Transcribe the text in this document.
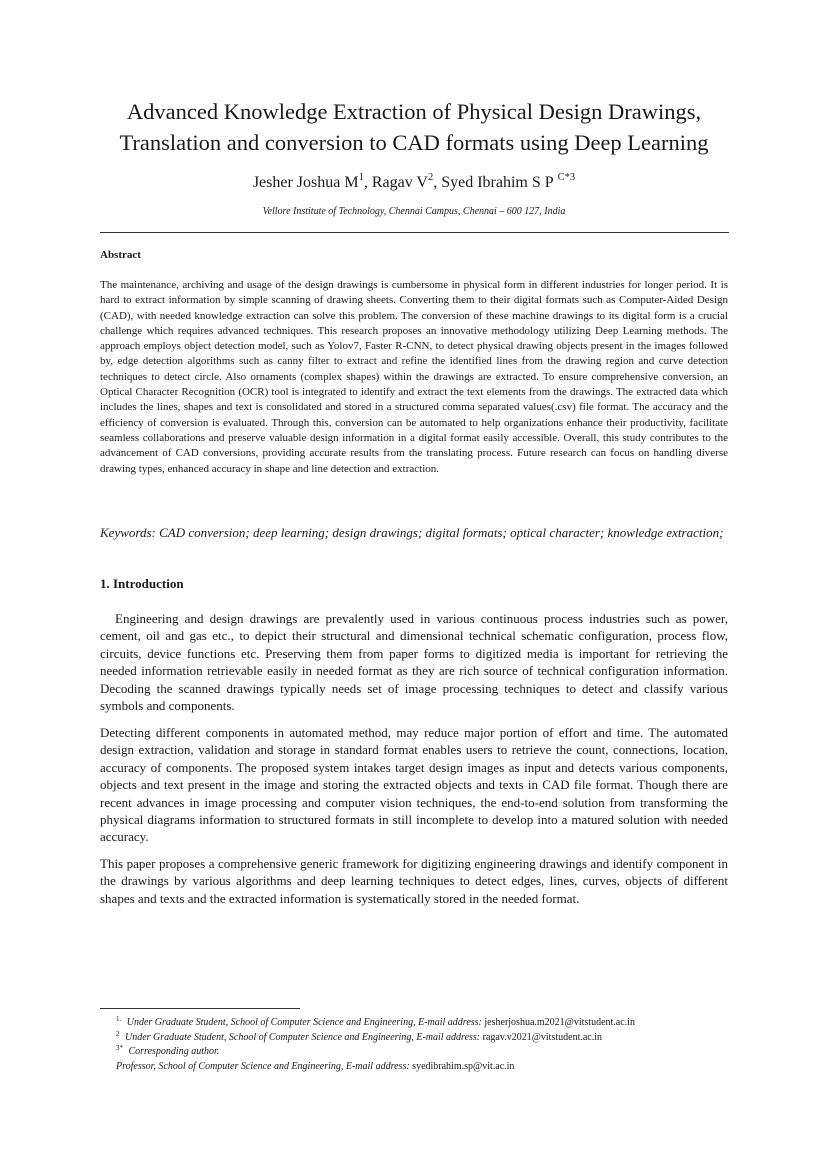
Advanced Knowledge Extraction of Physical Design Drawings,
Translation and conversion to CAD formats using Deep Learning
Jesher Joshua $M^1$, Ragav $V^2$, Syed Ibrahim S P $^{C*3}$
Vellore Institute of Technology, Chennai Campus, Chennai – 600 127, India
Abstract

The maintenance, archiving and usage of the design drawings is cumbersome in physical form in different industries for longer period. It is hard to extract information by simple scanning of drawing sheets. Converting them to their digital formats such as Computer-Aided Design (CAD), with needed knowledge extraction can solve this problem. The conversion of these machine drawings to its digital form is a crucial challenge which requires advanced techniques. This research proposes an innovative methodology utilizing Deep Learning methods. The approach employs object detection model, such as Yolov7, Faster R-CNN, to detect physical drawing objects present in the images followed by, edge detection algorithms such as canny filter to extract and refine the identified lines from the drawing region and curve detection techniques to detect circle. Also ornaments (complex shapes) within the drawings are extracted. To ensure comprehensive conversion, an Optical Character Recognition (OCR) tool is integrated to identify and extract the text elements from the drawings. The extracted data which includes the lines, shapes and text is consolidated and stored in a structured comma separated values(.csv) file format. The accuracy and the efficiency of conversion is evaluated. Through this, conversion can be automated to help organizations enhance their productivity, facilitate seamless collaborations and preserve valuable design information in a digital format easily accessible. Overall, this study contributes to the advancement of CAD conversions, providing accurate results from the translating process. Future research can focus on handling diverse drawing types, enhanced accuracy in shape and line detection and extraction.

Keywords: CAD conversion; deep learning; design drawings; digital formats; optical character; knowledge extraction;

1. Introduction

Engineering and design drawings are prevalently used in various continuous process industries such as power, cement, oil and gas etc., to depict their structural and dimensional technical schematic configuration, process flow, circuits, device functions etc. Preserving them from paper forms to digitized media is important for retrieving the needed information retrievable easily in needed format as they are rich source of technical configuration information. Decoding the scanned drawings typically needs set of image processing techniques to detect and classify various symbols and components.

Detecting different components in automated method, may reduce major portion of effort and time. The automated design extraction, validation and storage in standard format enables users to retrieve the count, connections, location, accuracy of components. The proposed system intakes target design images as input and detects various components, objects and text present in the image and storing the extracted objects and texts in CAD file format. Though there are recent advances in image processing and computer vision techniques, the end-to-end solution from transforming the physical diagrams information to structured formats in still incomplete to develop into a matured solution with needed accuracy.

This paper proposes a comprehensive generic framework for digitizing engineering drawings and identify component in the drawings by various algorithms and deep learning techniques to detect edges, lines, curves, objects of different shapes and texts and the extracted information is systematically stored in the needed format.

$^{1.}$ Under Graduate Student, School of Computer Science and Engineering, E-mail address: jesherjoshua.m2021@vitstudent.ac.in
$^2$ Under Graduate Student, School of Computer Science and Engineering, E-mail address: ragav.v2021@vitstudent.ac.in
$^{3*}$ Corresponding author.
Professor, School of Computer Science and Engineering, E-mail address: syedibrahim.sp@vit.ac.in
